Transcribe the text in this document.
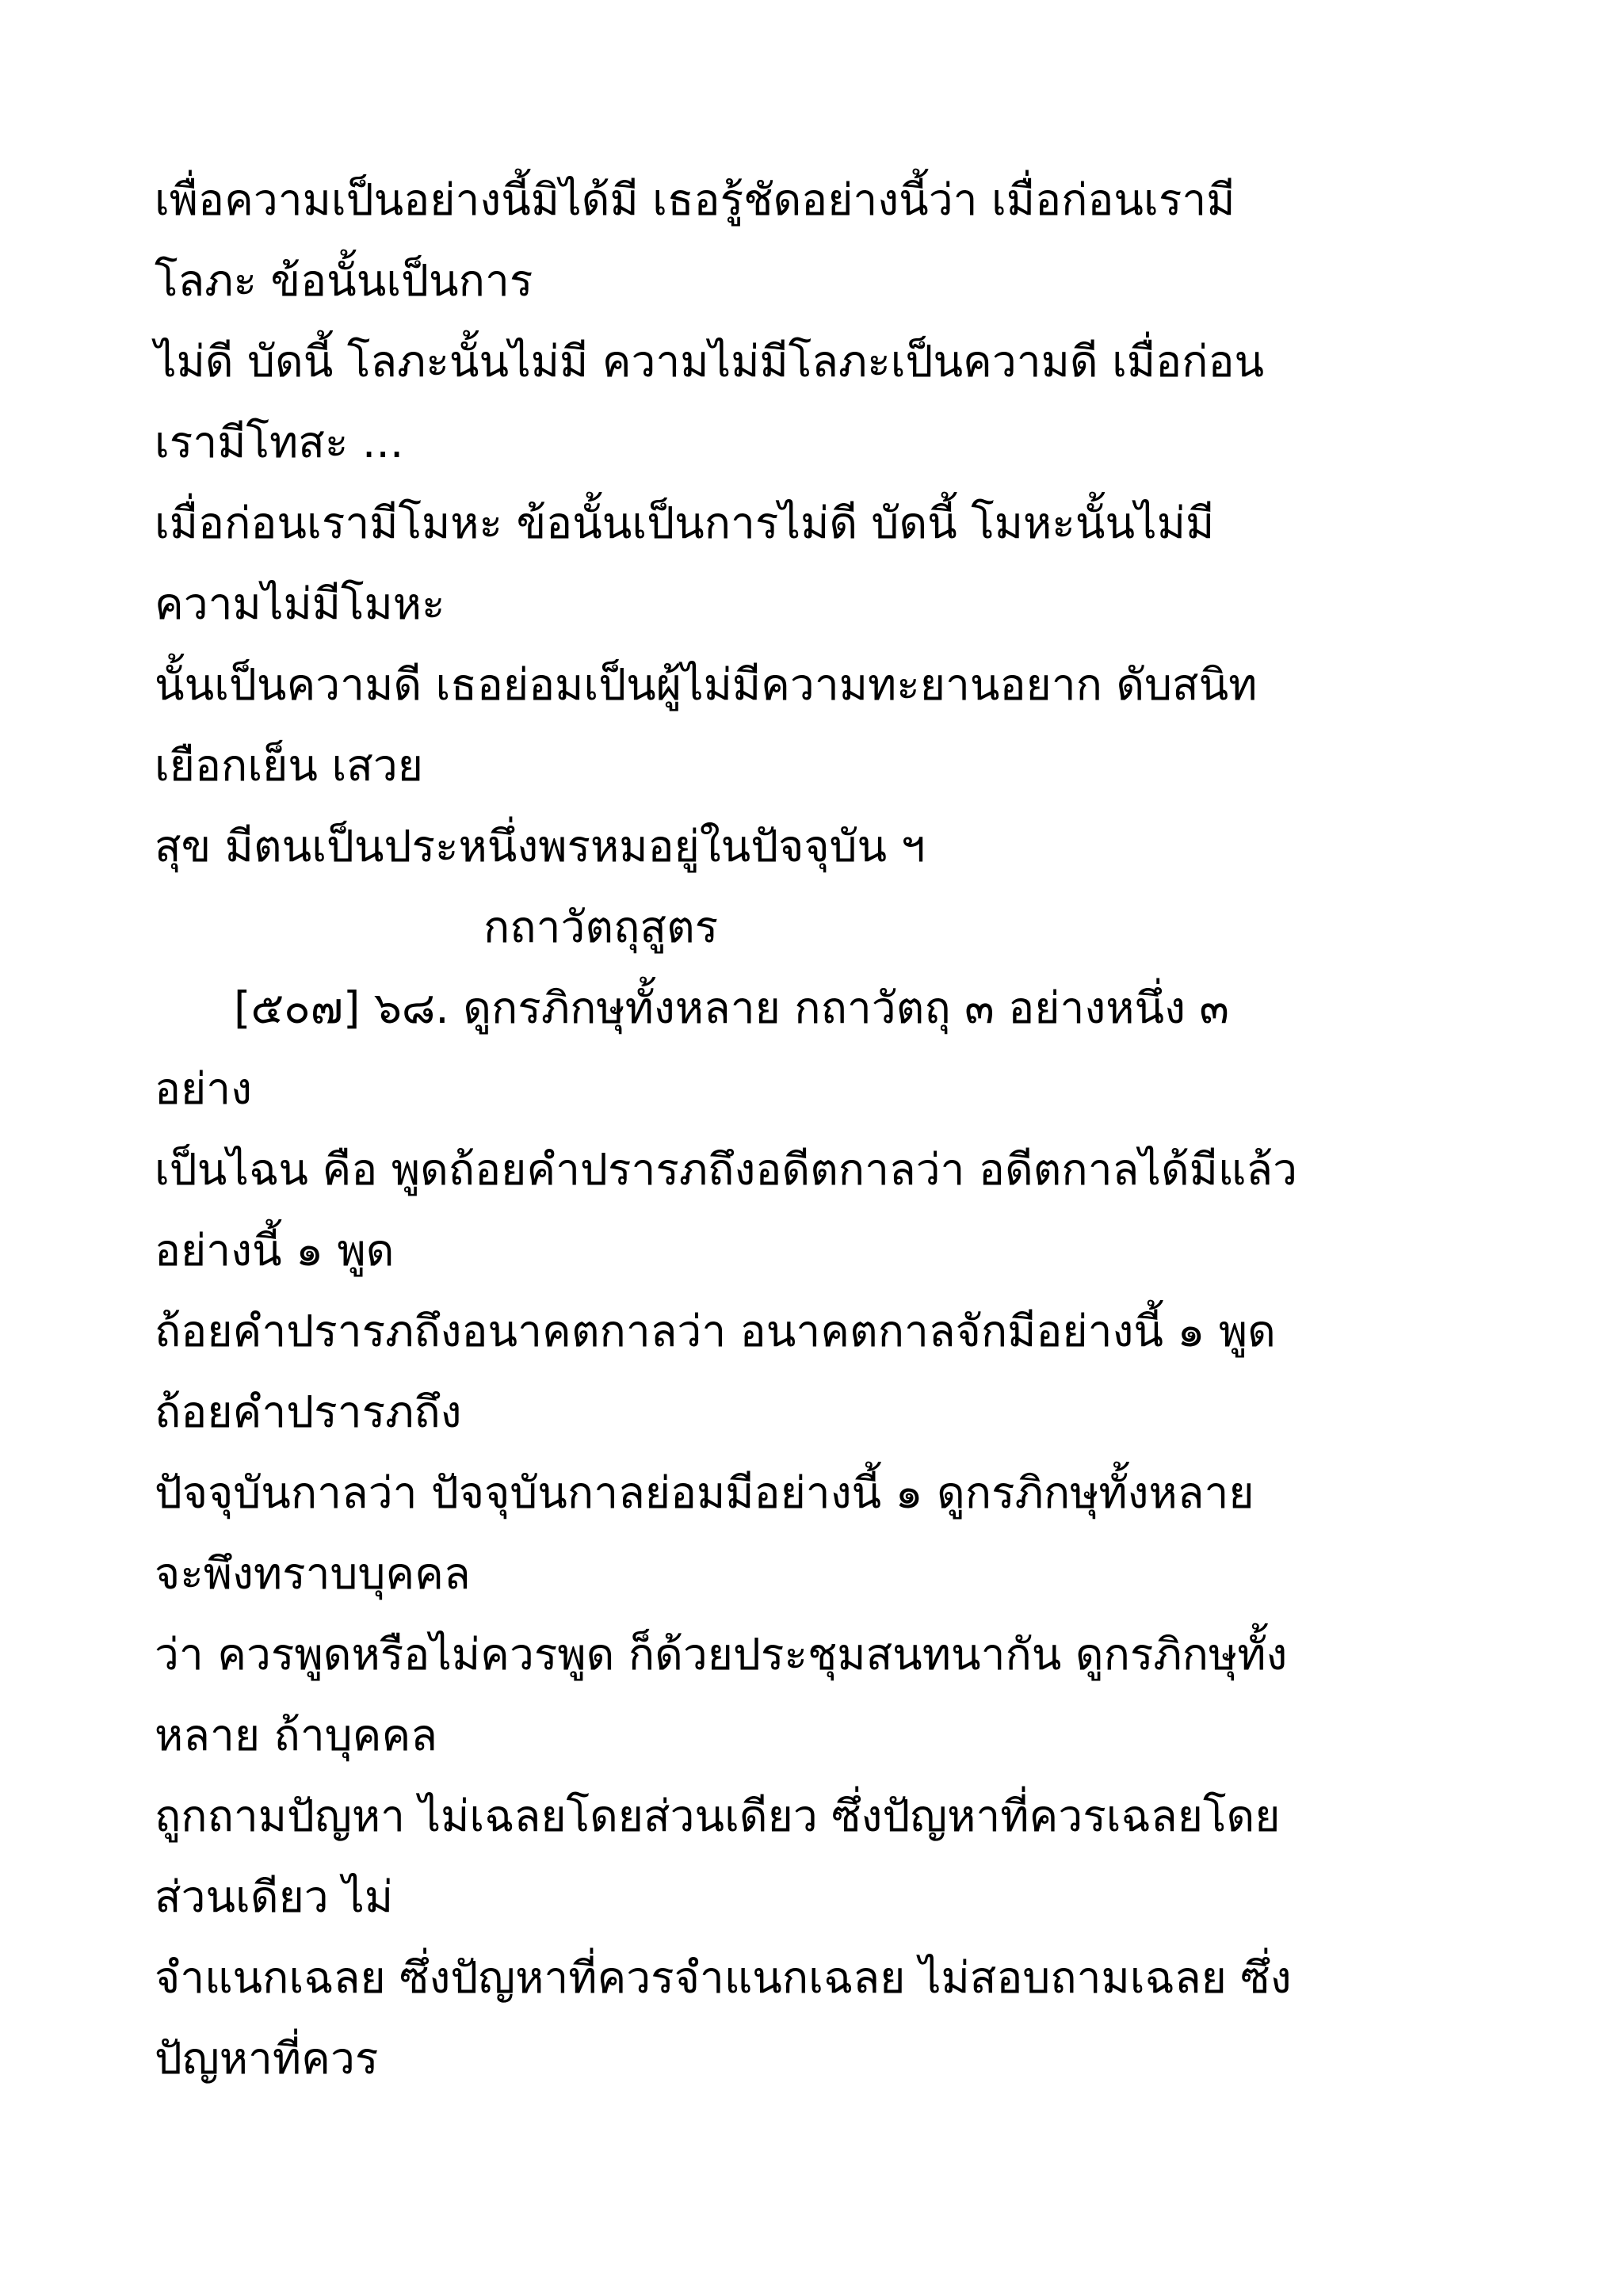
เพื่อความเป็นอย่างนี้มิได้มี เธอรู้ชัดอย่างนี้ว่า เมื่อก่อนเรามี
โลภะ ข้อนั้นเป็นการ
ไม่ดี บัดนี้ โลภะนั้นไม่มี ความไม่มีโลภะเป็นความดี เมื่อก่อน
เรามีโทสะ ...
เมื่อก่อนเรามีโมหะ ข้อนั้นเป็นการไม่ดี บัดนี้ โมหะนั้นไม่มี
ความไม่มีโมหะ
นั้นเป็นความดี เธอย่อมเป็นผู้ไม่มีความทะยานอยาก ดับสนิท
เยือกเย็น เสวย
สุข มีตนเป็นประหนึ่งพรหมอยู่ในปัจจุบัน ฯ
กถาวัตถุสูตร
[๕๐๗] ๖๘. ดูกรภิกษุทั้งหลาย กถาวัตถุ ๓ อย่างหนึ่ง ๓
อย่าง
เป็นไฉน คือ พูดถ้อยคำปรารภถึงอดีตกาลว่า อดีตกาลได้มีแล้ว
อย่างนี้ ๑ พูด
ถ้อยคำปรารภถึงอนาคตกาลว่า อนาคตกาลจักมีอย่างนี้ ๑ พูด
ถ้อยคำปรารภถึง
ปัจจุบันกาลว่า ปัจจุบันกาลย่อมมีอย่างนี้ ๑ ดูกรภิกษุทั้งหลาย
จะพึงทราบบุคคล
ว่า ควรพูดหรือไม่ควรพูด ก็ด้วยประชุมสนทนากัน ดูกรภิกษุทั้ง
หลาย ถ้าบุคคล
ถูกถามปัญหา ไม่เฉลยโดยส่วนเดียว ซึ่งปัญหาที่ควรเฉลยโดย
ส่วนเดียว ไม่
จำแนกเฉลย ซึ่งปัญหาที่ควรจำแนกเฉลย ไม่สอบถามเฉลย ซึ่ง
ปัญหาที่ควร
